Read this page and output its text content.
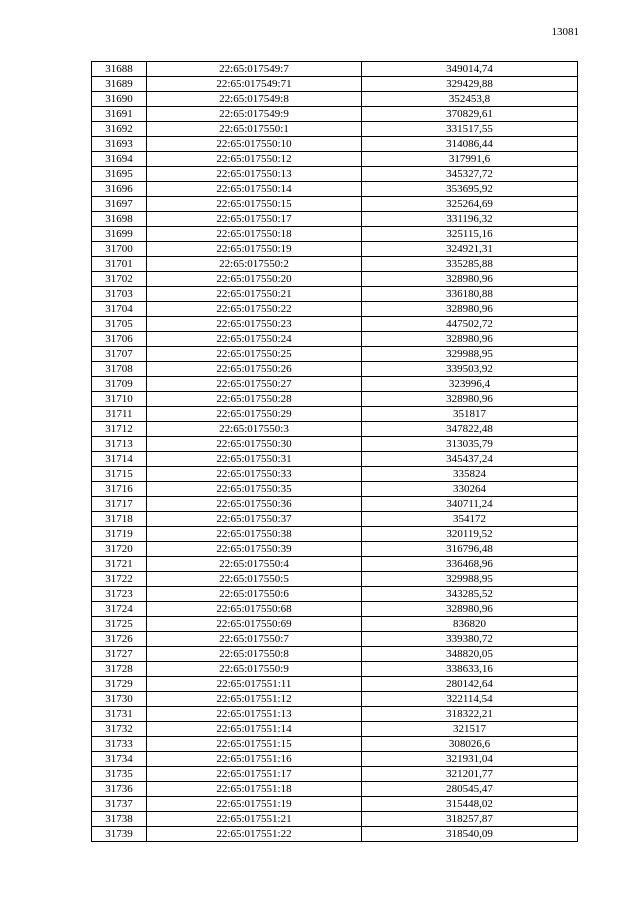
13081
31688	22:65:017549:7	349014,74
31689	22:65:017549:71	329429,88
31690	22:65:017549:8	352453,8
31691	22:65:017549:9	370829,61
31692	22:65:017550:1	331517,55
31693	22:65:017550:10	314086,44
31694	22:65:017550:12	317991,6
31695	22:65:017550:13	345327,72
31696	22:65:017550:14	353695,92
31697	22:65:017550:15	325264,69
31698	22:65:017550:17	331196,32
31699	22:65:017550:18	325115,16
31700	22:65:017550:19	324921,31
31701	22:65:017550:2	335285,88
31702	22:65:017550:20	328980,96
31703	22:65:017550:21	336180,88
31704	22:65:017550:22	328980,96
31705	22:65:017550:23	447502,72
31706	22:65:017550:24	328980,96
31707	22:65:017550:25	329988,95
31708	22:65:017550:26	339503,92
31709	22:65:017550:27	323996,4
31710	22:65:017550:28	328980,96
31711	22:65:017550:29	351817
31712	22:65:017550:3	347822,48
31713	22:65:017550:30	313035,79
31714	22:65:017550:31	345437,24
31715	22:65:017550:33	335824
31716	22:65:017550:35	330264
31717	22:65:017550:36	340711,24
31718	22:65:017550:37	354172
31719	22:65:017550:38	320119,52
31720	22:65:017550:39	316796,48
31721	22:65:017550:4	336468,96
31722	22:65:017550:5	329988,95
31723	22:65:017550:6	343285,52
31724	22:65:017550:68	328980,96
31725	22:65:017550:69	836820
31726	22:65:017550:7	339380,72
31727	22:65:017550:8	348820,05
31728	22:65:017550:9	338633,16
31729	22:65:017551:11	280142,64
31730	22:65:017551:12	322114,54
31731	22:65:017551:13	318322,21
31732	22:65:017551:14	321517
31733	22:65:017551:15	308026,6
31734	22:65:017551:16	321931,04
31735	22:65:017551:17	321201,77
31736	22:65:017551:18	280545,47
31737	22:65:017551:19	315448,02
31738	22:65:017551:21	318257,87
31739	22:65:017551:22	318540,09
